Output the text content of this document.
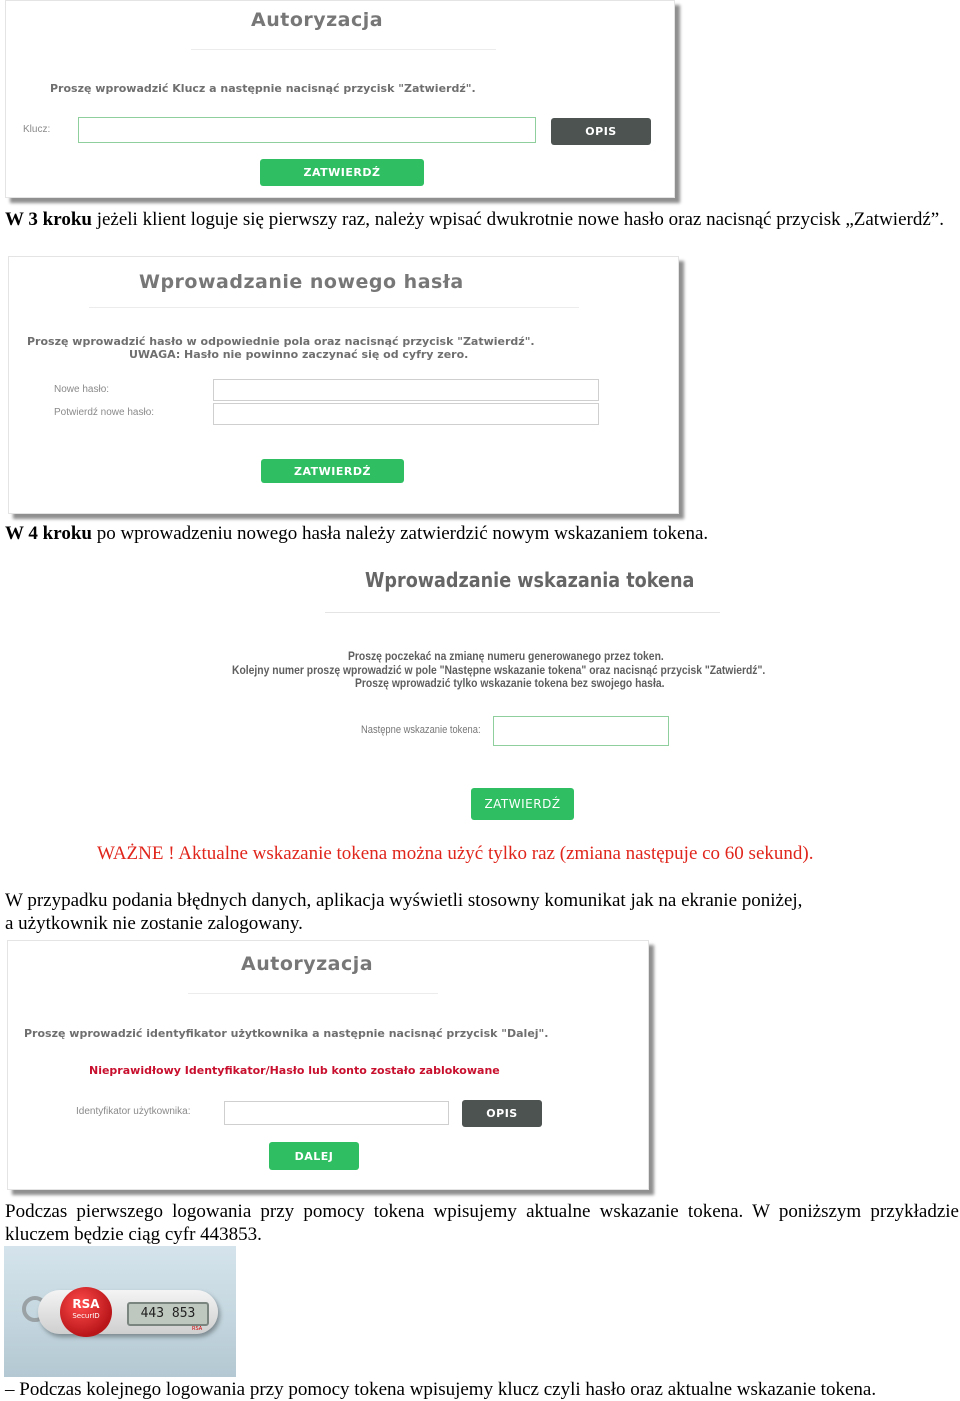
Autoryzacja
Proszę wprowadzić Klucz a następnie nacisnąć przycisk "Zatwierdź".
Klucz:	OPIS
ZATWIERDŹ
W 3 kroku jeżeli klient loguje się pierwszy raz, należy wpisać dwukrotnie nowe hasło oraz nacisnąć przycisk „Zatwierdź”.
Wprowadzanie nowego hasła
Proszę wprowadzić hasło w odpowiednie pola oraz nacisnąć przycisk "Zatwierdź".
UWAGA: Hasło nie powinno zaczynać się od cyfry zero.
Nowe hasło:
Potwierdź nowe hasło:
ZATWIERDŹ
W 4 kroku po wprowadzeniu nowego hasła należy zatwierdzić nowym wskazaniem tokena.
Wprowadzanie wskazania tokena
Proszę poczekać na zmianę numeru generowanego przez token.
Kolejny numer proszę wprowadzić w pole "Następne wskazanie tokena" oraz nacisnąć przycisk "Zatwierdź".
Proszę wprowadzić tylko wskazanie tokena bez swojego hasła.
Następne wskazanie tokena:
ZATWIERDŹ
WAŻNE ! Aktualne wskazanie tokena można użyć tylko raz (zmiana następuje co 60 sekund).
W przypadku podania błędnych danych, aplikacja wyświetli stosowny komunikat jak na ekranie poniżej,
a użytkownik nie zostanie zalogowany.
Autoryzacja
Proszę wprowadzić identyfikator użytkownika a następnie nacisnąć przycisk "Dalej".
Nieprawidłowy Identyfikator/Hasło lub konto zostało zablokowane
Identyfikator użytkownika:	OPIS
DALEJ
Podczas pierwszego logowania przy pomocy tokena wpisujemy aktualne wskazanie tokena. W poniższym przykładzie kluczem będzie ciąg cyfr 443853.
RSA
SecurID	443 853
RSA
– Podczas kolejnego logowania przy pomocy tokena wpisujemy klucz czyli hasło oraz aktualne wskazanie tokena.
